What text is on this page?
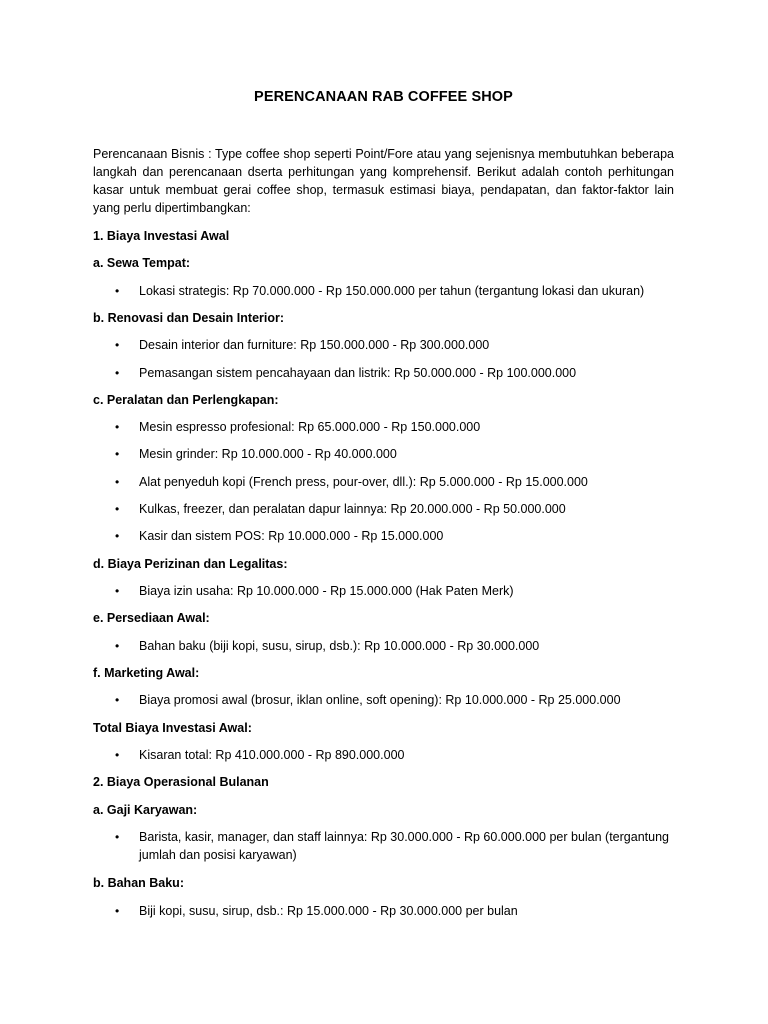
PERENCANAAN RAB COFFEE SHOP

Perencanaan Bisnis : Type coffee shop seperti Point/Fore atau yang sejenisnya membutuhkan beberapa langkah dan perencanaan dserta perhitungan yang komprehensif. Berikut adalah contoh perhitungan kasar untuk membuat gerai coffee shop, termasuk estimasi biaya, pendapatan, dan faktor-faktor lain yang perlu dipertimbangkan:

1. Biaya Investasi Awal

a. Sewa Tempat:

• Lokasi strategis: Rp 70.000.000 - Rp 150.000.000 per tahun (tergantung lokasi dan ukuran)

b. Renovasi dan Desain Interior:

• Desain interior dan furniture: Rp 150.000.000 - Rp 300.000.000
• Pemasangan sistem pencahayaan dan listrik: Rp 50.000.000 - Rp 100.000.000

c. Peralatan dan Perlengkapan:

• Mesin espresso profesional: Rp 65.000.000 - Rp 150.000.000
• Mesin grinder: Rp 10.000.000 - Rp 40.000.000
• Alat penyeduh kopi (French press, pour-over, dll.): Rp 5.000.000 - Rp 15.000.000
• Kulkas, freezer, dan peralatan dapur lainnya: Rp 20.000.000 - Rp 50.000.000
• Kasir dan sistem POS: Rp 10.000.000 - Rp 15.000.000

d. Biaya Perizinan dan Legalitas:

• Biaya izin usaha: Rp 10.000.000 - Rp 15.000.000 (Hak Paten Merk)

e. Persediaan Awal:

• Bahan baku (biji kopi, susu, sirup, dsb.): Rp 10.000.000 - Rp 30.000.000

f. Marketing Awal:

• Biaya promosi awal (brosur, iklan online, soft opening): Rp 10.000.000 - Rp 25.000.000

Total Biaya Investasi Awal:

• Kisaran total: Rp 410.000.000 - Rp 890.000.000

2. Biaya Operasional Bulanan

a. Gaji Karyawan:

• Barista, kasir, manager, dan staff lainnya: Rp 30.000.000 - Rp 60.000.000 per bulan (tergantung jumlah dan posisi karyawan)

b. Bahan Baku:

• Biji kopi, susu, sirup, dsb.: Rp 15.000.000 - Rp 30.000.000 per bulan
